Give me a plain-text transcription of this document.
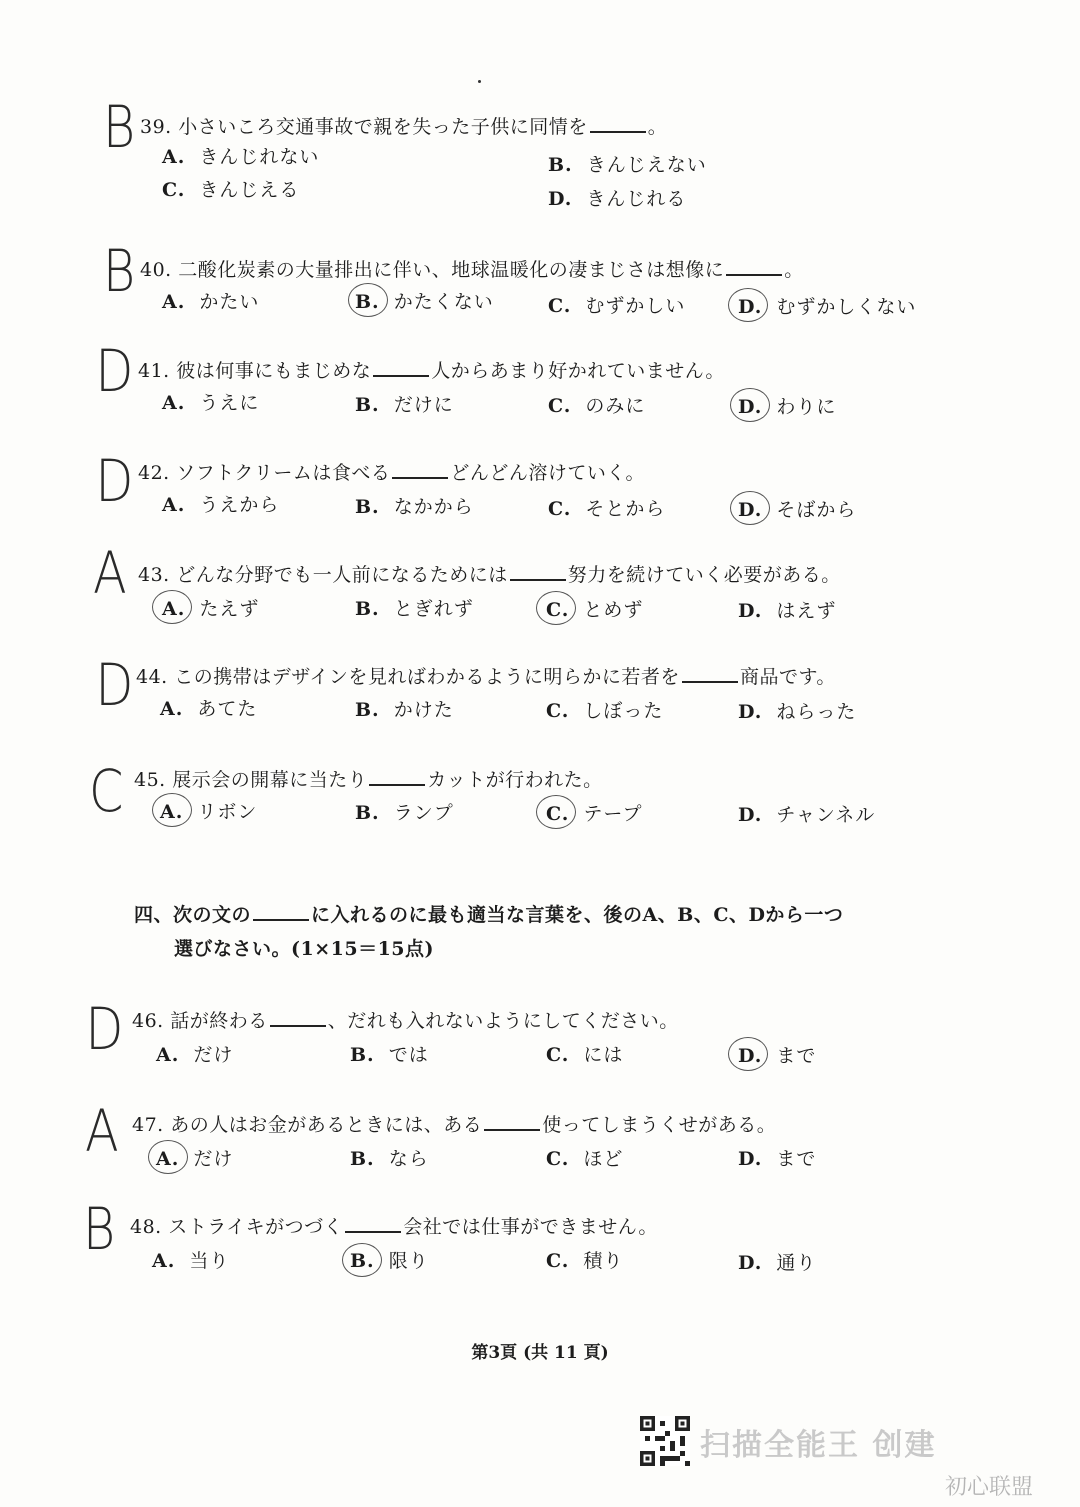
B 39. 小さいころ交通事故で親を失った子供に同情を	。
A. きんじれない	B. きんじえない
C. きんじえる	D. きんじれる
B 40. 二酸化炭素の大量排出に伴い、地球温暖化の凄まじさは想像に	。
A. かたい	B. かたくない	C. むずかしい	D. むずかしくない
D 41. 彼は何事にもまじめな	人からあまり好かれていません。
A. うえに	B. だけに	C. のみに	D. わりに
D 42. ソフトクリームは食べる	どんどん溶けていく。
A. うえから	B. なかから	C. そとから	D. そばから
A 43. どんな分野でも一人前になるためには	努力を続けていく必要がある。
A. たえず	B. とぎれず	C. とめず	D. はえず
D 44. この携帯はデザインを見ればわかるように明らかに若者を	商品です。
A. あてた	B. かけた	C. しぼった	D. ねらった
C 45. 展示会の開幕に当たり	カットが行われた。
A. リボン	B. ランプ	C. テープ	D. チャンネル
四、次の文の	に入れるのに最も適当な言葉を、後のA、B、C、Dから一つ
選びなさい。(1×15＝15点)
D 46. 話が終わる	、だれも入れないようにしてください。
A. だけ	B. では	C. には	D. まで
A 47. あの人はお金があるときには、ある	使ってしまうくせがある。
A. だけ	B. なら	C. ほど	D. まで
B 48. ストライキがつづく	会社では仕事ができません。
A. 当り	B. 限り	C. 積り	D. 通り
第3頁 (共 11 頁)
扫描全能王 创建
初心联盟
